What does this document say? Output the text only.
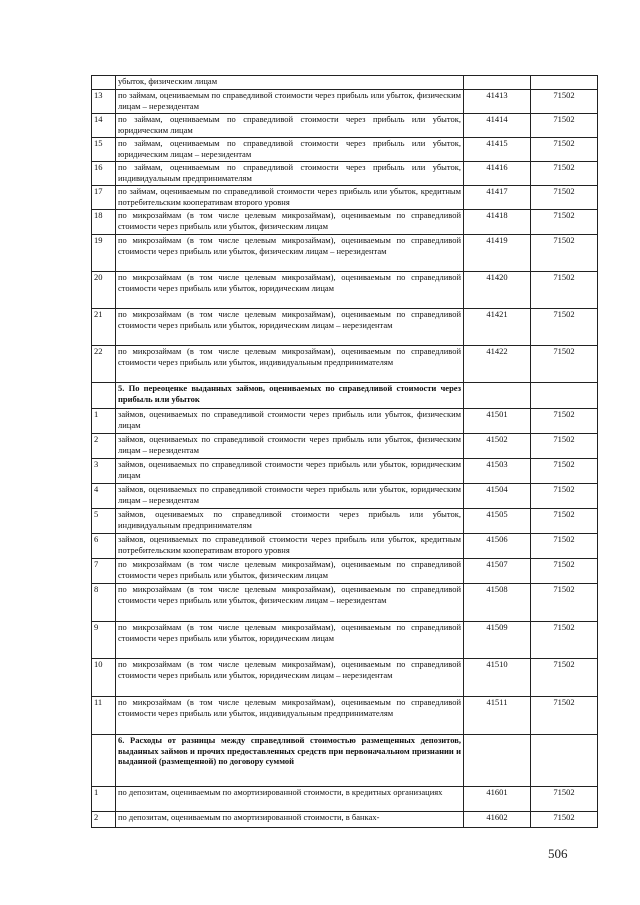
	убыток, физическим лицам		
13	по займам, оцениваемым по справедливой стоимости через прибыль или убыток, физическим лицам – нерезидентам	41413	71502
14	по займам, оцениваемым по справедливой стоимости через прибыль или убыток, юридическим лицам	41414	71502
15	по займам, оцениваемым по справедливой стоимости через прибыль или убыток, юридическим лицам – нерезидентам	41415	71502
16	по займам, оцениваемым по справедливой стоимости через прибыль или убыток, индивидуальным предпринимателям	41416	71502
17	по займам, оцениваемым по справедливой стоимости через прибыль или убыток, кредитным потребительским кооперативам второго уровня	41417	71502
18	по микрозаймам (в том числе целевым микрозаймам), оцениваемым по справедливой стоимости через прибыль или убыток, физическим лицам	41418	71502
19	по микрозаймам (в том числе целевым микрозаймам), оцениваемым по справедливой стоимости через прибыль или убыток, физическим лицам – нерезидентам	41419	71502
20	по микрозаймам (в том числе целевым микрозаймам), оцениваемым по справедливой стоимости через прибыль или убыток, юридическим лицам	41420	71502
21	по микрозаймам (в том числе целевым микрозаймам), оцениваемым по справедливой стоимости через прибыль или убыток, юридическим лицам – нерезидентам	41421	71502
22	по микрозаймам (в том числе целевым микрозаймам), оцениваемым по справедливой стоимости через прибыль или убыток, индивидуальным предпринимателям	41422	71502
	5. По переоценке выданных займов, оцениваемых по справедливой стоимости через прибыль или убыток		
1	займов, оцениваемых по справедливой стоимости через прибыль или убыток, физическим лицам	41501	71502
2	займов, оцениваемых по справедливой стоимости через прибыль или убыток, физическим лицам – нерезидентам	41502	71502
3	займов, оцениваемых по справедливой стоимости через прибыль или убыток, юридическим лицам	41503	71502
4	займов, оцениваемых по справедливой стоимости через прибыль или убыток, юридическим лицам – нерезидентам	41504	71502
5	займов, оцениваемых по справедливой стоимости через прибыль или убыток, индивидуальным предпринимателям	41505	71502
6	займов, оцениваемых по справедливой стоимости через прибыль или убыток, кредитным потребительским кооперативам второго уровня	41506	71502
7	по микрозаймам (в том числе целевым микрозаймам), оцениваемым по справедливой стоимости через прибыль или убыток, физическим лицам	41507	71502
8	по микрозаймам (в том числе целевым микрозаймам), оцениваемым по справедливой стоимости через прибыль или убыток, физическим лицам – нерезидентам	41508	71502
9	по микрозаймам (в том числе целевым микрозаймам), оцениваемым по справедливой стоимости через прибыль или убыток, юридическим лицам	41509	71502
10	по микрозаймам (в том числе целевым микрозаймам), оцениваемым по справедливой стоимости через прибыль или убыток, юридическим лицам – нерезидентам	41510	71502
11	по микрозаймам (в том числе целевым микрозаймам), оцениваемым по справедливой стоимости через прибыль или убыток, индивидуальным предпринимателям	41511	71502
	6. Расходы от разницы между справедливой стоимостью размещенных депозитов, выданных займов и прочих предоставленных средств при первоначальном признании и выданной (размещенной) по договору суммой		
1	по депозитам, оцениваемым по амортизированной стоимости, в кредитных организациях	41601	71502
2	по депозитам, оцениваемым по амортизированной стоимости, в банках-	41602	71502
506
